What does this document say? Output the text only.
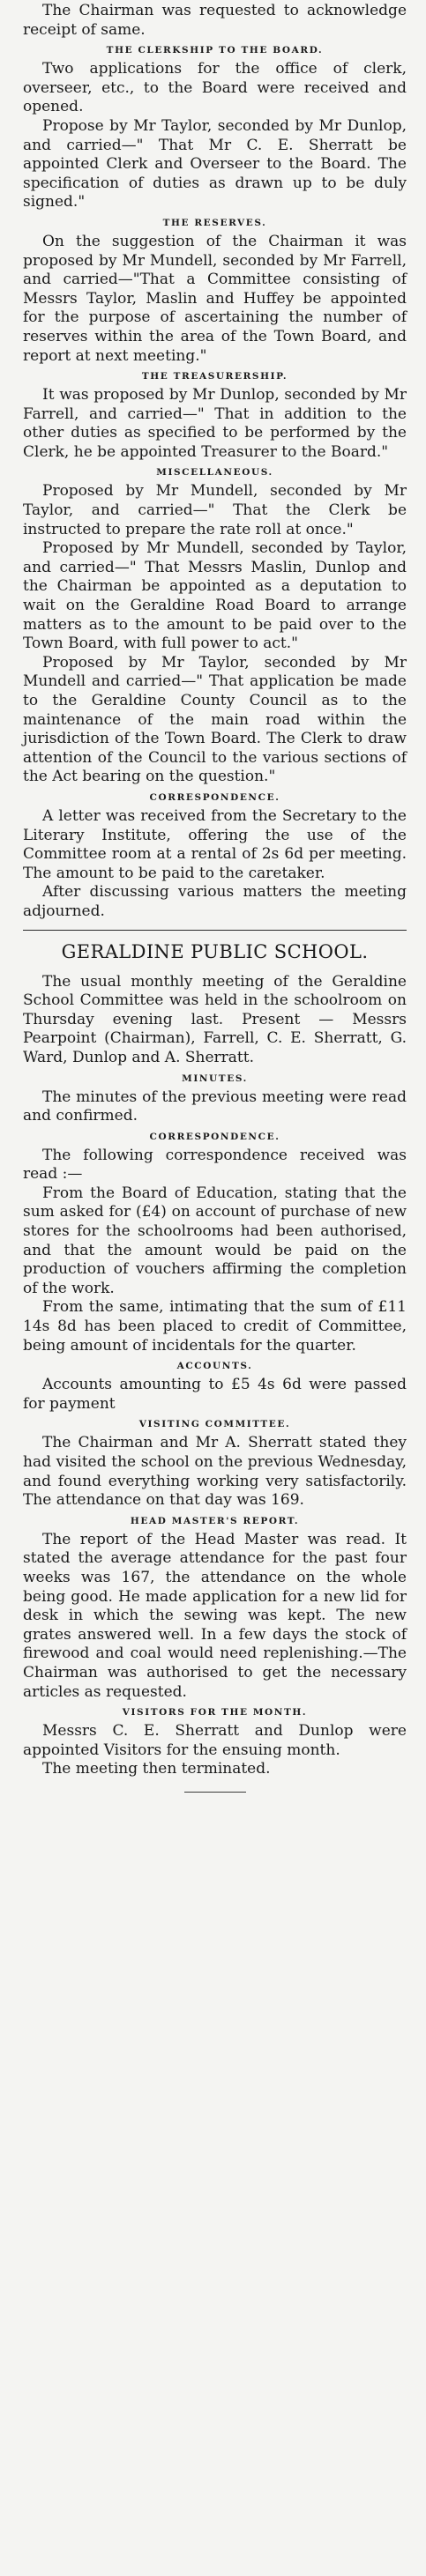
The Chairman was requested to acknowledge receipt of same.

THE CLERKSHIP TO THE BOARD.

Two applications for the office of clerk, overseer, etc., to the Board were received and opened.

Propose by Mr Taylor, seconded by Mr Dunlop, and carried—" That Mr C. E. Sherratt be appointed Clerk and Overseer to the Board. The specification of duties as drawn up to be duly signed."

THE RESERVES.

On the suggestion of the Chairman it was proposed by Mr Mundell, seconded by Mr Farrell, and carried—"That a Committee consisting of Messrs Taylor, Maslin and Huffey be appointed for the purpose of ascertaining the number of reserves within the area of the Town Board, and report at next meeting."

THE TREASURERSHIP.

It was proposed by Mr Dunlop, seconded by Mr Farrell, and carried—" That in addition to the other duties as specified to be performed by the Clerk, he be appointed Treasurer to the Board."

MISCELLANEOUS.

Proposed by Mr Mundell, seconded by Mr Taylor, and carried—" That the Clerk be instructed to prepare the rate roll at once."

Proposed by Mr Mundell, seconded by Taylor, and carried—" That Messrs Maslin, Dunlop and the Chairman be appointed as a deputation to wait on the Geraldine Road Board to arrange matters as to the amount to be paid over to the Town Board, with full power to act."

Proposed by Mr Taylor, seconded by Mr Mundell and carried—" That application be made to the Geraldine County Council as to the maintenance of the main road within the jurisdiction of the Town Board. The Clerk to draw attention of the Council to the various sections of the Act bearing on the question."

CORRESPONDENCE.

A letter was received from the Secretary to the Literary Institute, offering the use of the Committee room at a rental of 2s 6d per meeting. The amount to be paid to the caretaker.

After discussing various matters the meeting adjourned.

GERALDINE PUBLIC SCHOOL.

The usual monthly meeting of the Geraldine School Committee was held in the schoolroom on Thursday evening last. Present — Messrs Pearpoint (Chairman), Farrell, C. E. Sherratt, G. Ward, Dunlop and A. Sherratt.

MINUTES.

The minutes of the previous meeting were read and confirmed.

CORRESPONDENCE.

The following correspondence received was read :—

From the Board of Education, stating that the sum asked for (£4) on account of purchase of new stores for the schoolrooms had been authorised, and that the amount would be paid on the production of vouchers affirming the completion of the work.

From the same, intimating that the sum of £11 14s 8d has been placed to credit of Committee, being amount of incidentals for the quarter.

ACCOUNTS.

Accounts amounting to £5 4s 6d were passed for payment

VISITING COMMITTEE.

The Chairman and Mr A. Sherratt stated they had visited the school on the previous Wednesday, and found everything working very satisfactorily. The attendance on that day was 169.

HEAD MASTER'S REPORT.

The report of the Head Master was read. It stated the average attendance for the past four weeks was 167, the attendance on the whole being good. He made application for a new lid for desk in which the sewing was kept. The new grates answered well. In a few days the stock of firewood and coal would need replenishing.—The Chairman was authorised to get the necessary articles as requested.

VISITORS FOR THE MONTH.

Messrs C. E. Sherratt and Dunlop were appointed Visitors for the ensuing month.

The meeting then terminated.
